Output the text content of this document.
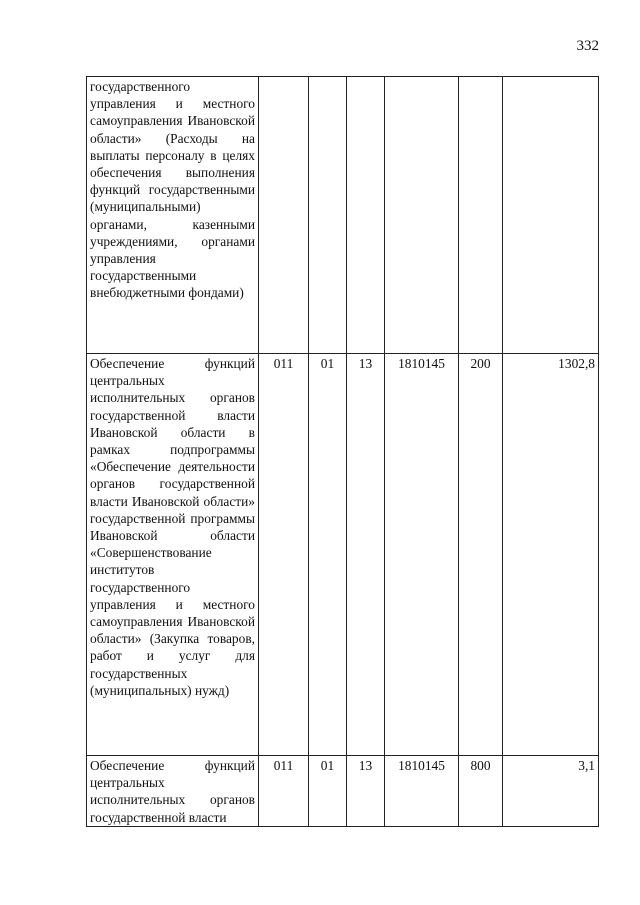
332
государственного управления и местного самоуправления Ивановской области» (Расходы на выплаты персоналу в целях обеспечения выполнения функций государственными (муниципальными) органами, казенными учреждениями, органами управления государственными внебюджетными фондами)						
Обеспечение функций центральных исполнительных органов государственной власти Ивановской области в рамках подпрограммы «Обеспечение деятельности органов государственной власти Ивановской области» государственной программы Ивановской области «Совершенствование институтов государственного управления и местного самоуправления Ивановской области» (Закупка товаров, работ и услуг для государственных (муниципальных) нужд)	011	01	13	1810145	200	1302,8
Обеспечение функций центральных исполнительных органов государственной власти	011	01	13	1810145	800	3,1
